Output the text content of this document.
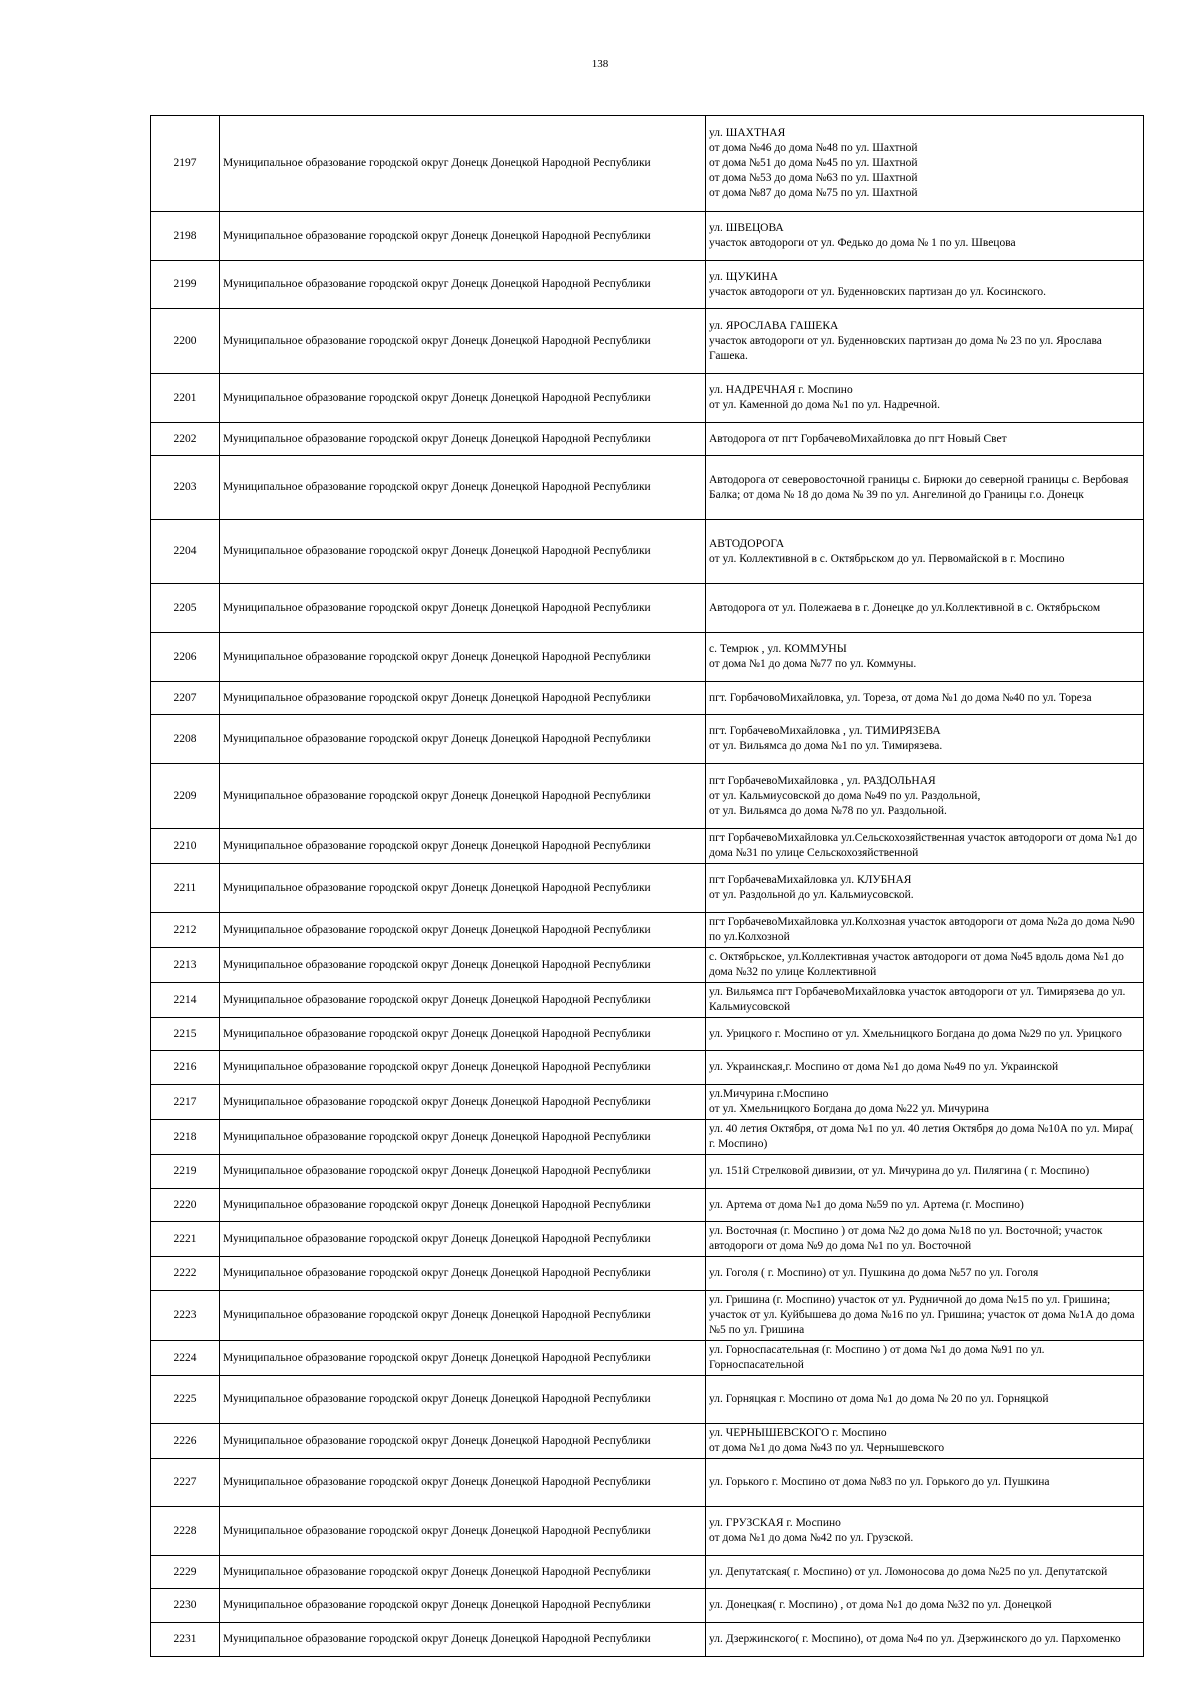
138
2197	Муниципальное образование городской округ Донецк Донецкой Народной Республики	ул. ШАХТНАЯ
от дома №46 до дома №48 по ул. Шахтной
от дома №51 до дома №45 по ул. Шахтной
от дома №53 до дома №63 по ул. Шахтной
от дома №87 до дома №75 по ул. Шахтной
2198	Муниципальное образование городской округ Донецк Донецкой Народной Республики	ул. ШВЕЦОВА
участок автодороги от ул. Федько до дома № 1 по ул. Швецова
2199	Муниципальное образование городской округ Донецк Донецкой Народной Республики	ул. ЩУКИНА
участок автодороги от ул. Буденновских партизан до ул. Косинского.
2200	Муниципальное образование городской округ Донецк Донецкой Народной Республики	ул. ЯРОСЛАВА ГАШЕКА
участок автодороги от ул. Буденновских партизан до дома № 23 по ул. Ярослава Гашека.
2201	Муниципальное образование городской округ Донецк Донецкой Народной Республики	ул. НАДРЕЧНАЯ г. Моспино
от ул. Каменной до дома №1 по ул. Надречной.
2202	Муниципальное образование городской округ Донецк Донецкой Народной Республики	Автодорога от пгт ГорбачевоМихайловка до пгт Новый Свет
2203	Муниципальное образование городской округ Донецк Донецкой Народной Республики	Автодорога от северовосточной границы с. Бирюки до северной границы с. Вербовая Балка; от дома № 18 до дома № 39 по ул. Ангелиной до Границы г.о. Донецк
2204	Муниципальное образование городской округ Донецк Донецкой Народной Республики	АВТОДОРОГА
от ул. Коллективной в с. Октябрьском до ул. Первомайской в г. Моспино
2205	Муниципальное образование городской округ Донецк Донецкой Народной Республики	Автодорога от ул. Полежаева в г. Донецке до ул.Коллективной в с. Октябрьском
2206	Муниципальное образование городской округ Донецк Донецкой Народной Республики	с. Темрюк , ул. КОММУНЫ
от дома №1 до дома №77 по ул. Коммуны.
2207	Муниципальное образование городской округ Донецк Донецкой Народной Республики	пгт. ГорбачовоМихайловка, ул. Тореза, от дома №1 до дома №40 по ул. Тореза
2208	Муниципальное образование городской округ Донецк Донецкой Народной Республики	пгт. ГорбачевоМихайловка , ул. ТИМИРЯЗЕВА
от ул. Вильямса до дома №1 по ул. Тимирязева.
2209	Муниципальное образование городской округ Донецк Донецкой Народной Республики	пгт ГорбачевоМихайловка , ул. РАЗДОЛЬНАЯ
от ул. Кальмиусовской до дома №49 по ул. Раздольной,
от ул. Вильямса до дома №78 по ул. Раздольной.
2210	Муниципальное образование городской округ Донецк Донецкой Народной Республики	пгт ГорбачевоМихайловка ул.Сельскохозяйственная участок автодороги от дома №1 до дома №31 по улице Сельскохозяйственной
2211	Муниципальное образование городской округ Донецк Донецкой Народной Республики	пгт ГорбачеваМихайловка ул. КЛУБНАЯ
от ул. Раздольной до ул. Кальмиусовской.
2212	Муниципальное образование городской округ Донецк Донецкой Народной Республики	пгт ГорбачевоМихайловка ул.Колхозная участок автодороги от дома №2а до дома №90 по ул.Колхозной
2213	Муниципальное образование городской округ Донецк Донецкой Народной Республики	с. Октябрьское, ул.Коллективная участок автодороги от дома №45 вдоль дома №1 до дома №32 по улице Коллективной
2214	Муниципальное образование городской округ Донецк Донецкой Народной Республики	ул. Вильямса пгт ГорбачевоМихайловка участок автодороги от ул. Тимирязева до ул. Кальмиусовской
2215	Муниципальное образование городской округ Донецк Донецкой Народной Республики	ул. Урицкого г. Моспино от ул. Хмельницкого Богдана до дома №29 по ул. Урицкого
2216	Муниципальное образование городской округ Донецк Донецкой Народной Республики	ул. Украинская,г. Моспино от дома №1 до дома №49 по ул. Украинской
2217	Муниципальное образование городской округ Донецк Донецкой Народной Республики	ул.Мичурина г.Моспино
от ул. Хмельницкого Богдана до дома №22 ул. Мичурина
2218	Муниципальное образование городской округ Донецк Донецкой Народной Республики	ул. 40 летия Октября, от дома №1 по ул. 40 летия Октября до дома №10А по ул. Мира( г. Моспино)
2219	Муниципальное образование городской округ Донецк Донецкой Народной Республики	ул. 151й Стрелковой дивизии, от ул. Мичурина до ул. Пилягина ( г. Моспино)
2220	Муниципальное образование городской округ Донецк Донецкой Народной Республики	ул. Артема от дома №1 до дома №59 по ул. Артема (г. Моспино)
2221	Муниципальное образование городской округ Донецк Донецкой Народной Республики	ул. Восточная (г. Моспино ) от дома №2 до дома №18 по ул. Восточной; участок автодороги от дома №9 до дома №1 по ул. Восточной
2222	Муниципальное образование городской округ Донецк Донецкой Народной Республики	ул. Гоголя ( г. Моспино) от ул. Пушкина до дома №57 по ул. Гоголя
2223	Муниципальное образование городской округ Донецк Донецкой Народной Республики	ул. Гришина (г. Моспино) участок от ул. Рудничной до дома №15 по ул. Гришина; участок от ул. Куйбышева до дома №16 по ул. Гришина; участок от дома №1А до дома №5 по ул. Гришина
2224	Муниципальное образование городской округ Донецк Донецкой Народной Республики	ул. Горноспасательная (г. Моспино ) от дома №1 до дома №91 по ул. Горноспасательной
2225	Муниципальное образование городской округ Донецк Донецкой Народной Республики	ул. Горняцкая г. Моспино от дома №1 до дома № 20 по ул. Горняцкой
2226	Муниципальное образование городской округ Донецк Донецкой Народной Республики	ул. ЧЕРНЫШЕВСКОГО г. Моспино
от дома №1 до дома №43 по ул. Чернышевского
2227	Муниципальное образование городской округ Донецк Донецкой Народной Республики	ул. Горького г. Моспино от дома №83 по ул. Горького до ул. Пушкина
2228	Муниципальное образование городской округ Донецк Донецкой Народной Республики	ул. ГРУЗСКАЯ г. Моспино
от дома №1 до дома №42 по ул. Грузской.
2229	Муниципальное образование городской округ Донецк Донецкой Народной Республики	ул. Депутатская( г. Моспино) от ул. Ломоносова до дома №25 по ул. Депутатской
2230	Муниципальное образование городской округ Донецк Донецкой Народной Республики	ул. Донецкая( г. Моспино) , от дома №1 до дома №32 по ул. Донецкой
2231	Муниципальное образование городской округ Донецк Донецкой Народной Республики	ул. Дзержинского( г. Моспино), от дома №4 по ул. Дзержинского до ул. Пархоменко
